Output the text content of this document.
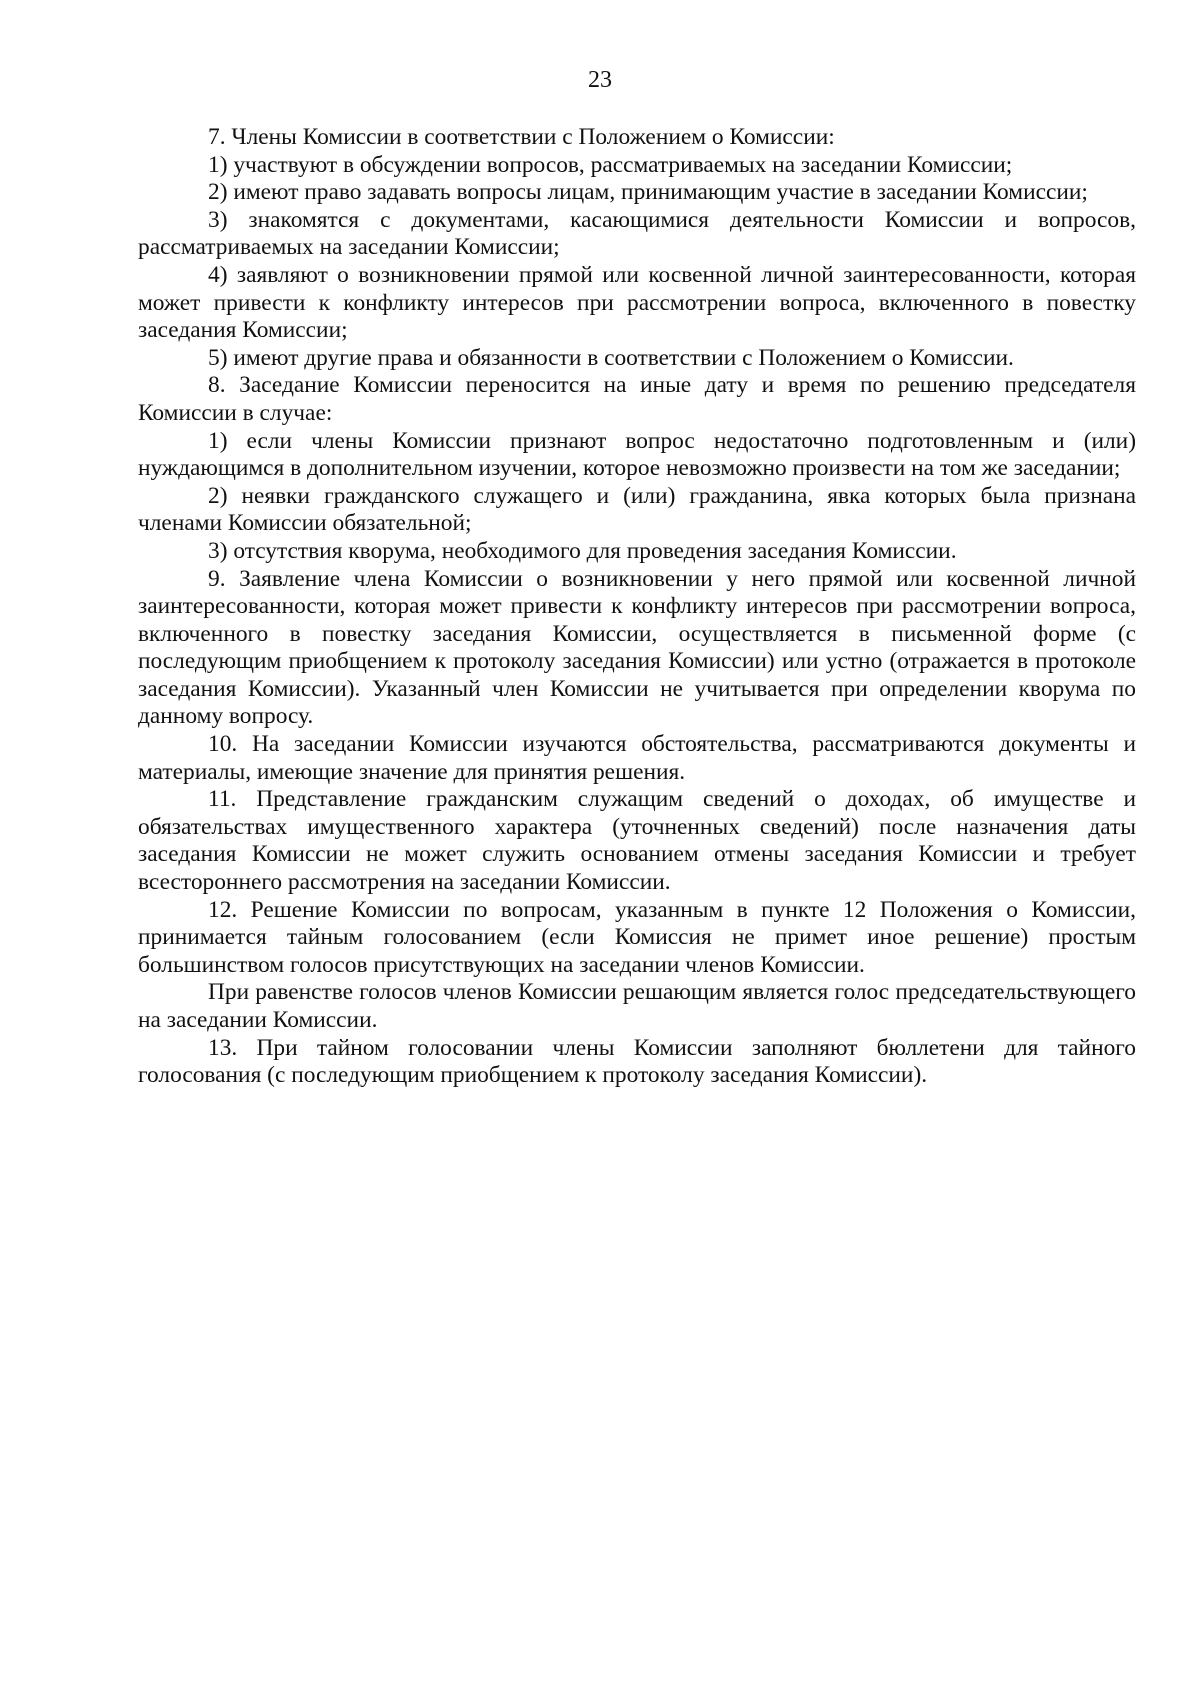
23

7. Члены Комиссии в соответствии с Положением о Комиссии:

1) участвуют в обсуждении вопросов, рассматриваемых на заседании Комиссии;

2) имеют право задавать вопросы лицам, принимающим участие в заседании Комиссии;

3) знакомятся с документами, касающимися деятельности Комиссии и вопросов, рассматриваемых на заседании Комиссии;

4) заявляют о возникновении прямой или косвенной личной заинтересованности, которая может привести к конфликту интересов при рассмотрении вопроса, включенного в повестку заседания Комиссии;

5) имеют другие права и обязанности в соответствии с Положением о Комиссии.

8. Заседание Комиссии переносится на иные дату и время по решению председателя Комиссии в случае:

1) если члены Комиссии признают вопрос недостаточно подготовленным и (или) нуждающимся в дополнительном изучении, которое невозможно произвести на том же заседании;

2) неявки гражданского служащего и (или) гражданина, явка которых была признана членами Комиссии обязательной;

3) отсутствия кворума, необходимого для проведения заседания Комиссии.

9. Заявление члена Комиссии о возникновении у него прямой или косвенной личной заинтересованности, которая может привести к конфликту интересов при рассмотрении вопроса, включенного в повестку заседания Комиссии, осуществляется в письменной форме (с последующим приобщением к протоколу заседания Комиссии) или устно (отражается в протоколе заседания Комиссии). Указанный член Комиссии не учитывается при определении кворума по данному вопросу.

10. На заседании Комиссии изучаются обстоятельства, рассматриваются документы и материалы, имеющие значение для принятия решения.

11. Представление гражданским служащим сведений о доходах, об имуществе и обязательствах имущественного характера (уточненных сведений) после назначения даты заседания Комиссии не может служить основанием отмены заседания Комиссии и требует всестороннего рассмотрения на заседании Комиссии.

12. Решение Комиссии по вопросам, указанным в пункте 12 Положения о Комиссии, принимается тайным голосованием (если Комиссия не примет иное решение) простым большинством голосов присутствующих на заседании членов Комиссии.

При равенстве голосов членов Комиссии решающим является голос председательствующего на заседании Комиссии.

13. При тайном голосовании члены Комиссии заполняют бюллетени для тайного голосования (с последующим приобщением к протоколу заседания Комиссии).
